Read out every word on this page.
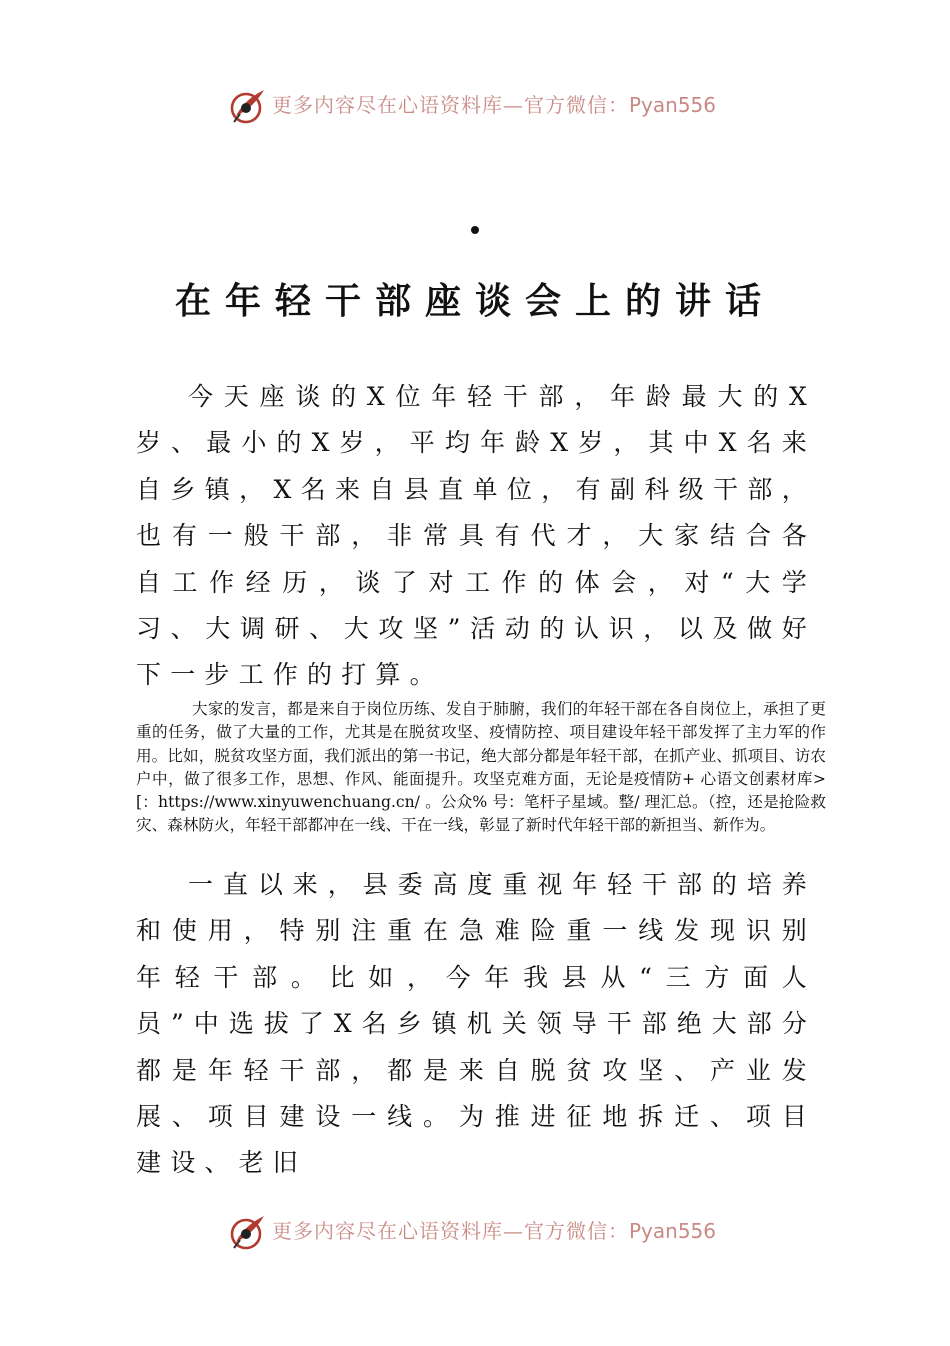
更多内容尽在心语资料库—官方微信：Pyan556
在年轻干部座谈会上的讲话

今天座谈的X位年轻干部，年龄最大的X岁、最小的X岁，平均年龄X岁，其中X名来自乡镇，X名来自县直单位，有副科级干部，也有一般干部，非常具有代才，大家结合各自工作经历，谈了对工作的体会，对“大学习、大调研、大攻坚”活动的认识，以及做好下一步工作的打算。

大家的发言，都是来自于岗位历练、发自于肺腑，我们的年轻干部在各自岗位上，承担了更重的任务，做了大量的工作，尤其是在脱贫攻坚、疫情防控、项目建设年轻干部发挥了主力军的作用。比如，脱贫攻坚方面，我们派出的第一书记，绝大部分都是年轻干部，在抓产业、抓项目、访农户中，做了很多工作，思想、作风、能面提升。攻坚克难方面，无论是疫情防+ 心语文创素材库>[：https://www.xinyuwenchuang.cn/ 。公众% 号：笔杆子星域。整/ 理汇总。（控，还是抢险救灾、森林防火，年轻干部都冲在一线、干在一线，彰显了新时代年轻干部的新担当、新作为。

一直以来，县委高度重视年轻干部的培养和使用，特别注重在急难险重一线发现识别年轻干部。比如，今年我县从“三方面人员”中选拔了X名乡镇机关领导干部绝大部分都是年轻干部，都是来自脱贫攻坚、产业发展、项目建设一线。为推进征地拆迁、项目建设、老旧

更多内容尽在心语资料库—官方微信：Pyan556
